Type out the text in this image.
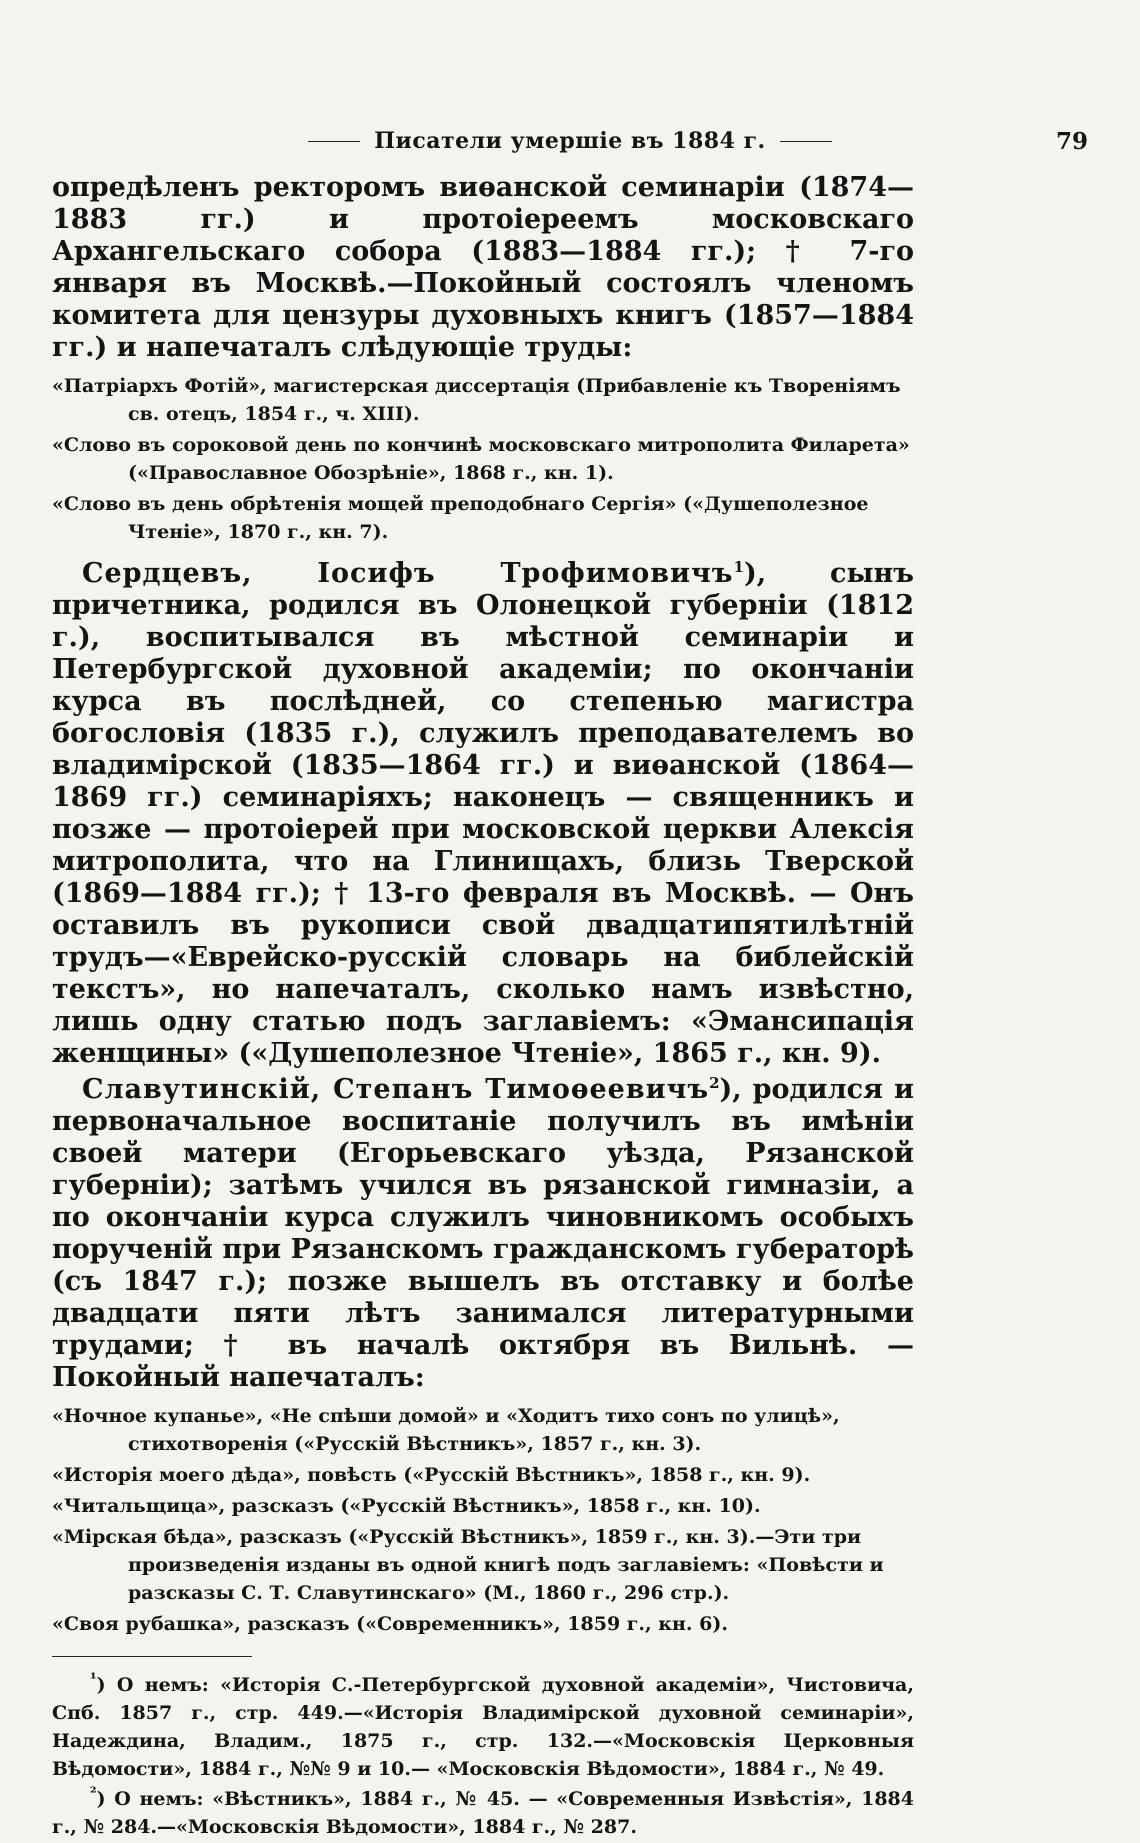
Писатели умершіе въ 1884 г.	79

опредѣленъ ректоромъ виѳанской семинаріи (1874—1883 гг.) и протоіереемъ московскаго Архангельскаго собора (1883—1884 гг.); † 7-го января въ Москвѣ.—Покойный состоялъ членомъ комитета для цензуры духовныхъ книгъ (1857—1884 гг.) и напечаталъ слѣдующіе труды:

«Патріархъ Фотій», магистерская диссертація (Прибавленіе къ Твореніямъ св. отецъ, 1854 г., ч. XIII).

«Слово въ сороковой день по кончинѣ московскаго митрополита Филарета» («Православное Обозрѣніе», 1868 г., кн. 1).

«Слово въ день обрѣтенія мощей преподобнаго Сергія» («Душеполезное Чтеніе», 1870 г., кн. 7).

Сердцевъ, Іосифъ Трофимовичъ$^1$), сынъ причетника, родился въ Олонецкой губерніи (1812 г.), воспитывался въ мѣстной семинаріи и Петербургской духовной академіи; по окончаніи курса въ послѣдней, со степенью магистра богословія (1835 г.), служилъ преподавателемъ во владимірской (1835—1864 гг.) и виѳанской (1864—1869 гг.) семинаріяхъ; наконецъ — священникъ и позже — протоіерей при московской церкви Алексія митрополита, что на Глинищахъ, близь Тверской (1869—1884 гг.); † 13-го февраля въ Москвѣ. — Онъ оставилъ въ рукописи свой двадцатипятилѣтній трудъ—«Еврейско-русскій словарь на библейскій текстъ», но напечаталъ, сколько намъ извѣстно, лишь одну статью подъ заглавіемъ: «Эмансипація женщины» («Душеполезное Чтеніе», 1865 г., кн. 9).

Славутинскій, Степанъ Тимоѳеевичъ$^2$), родился и первоначальное воспитаніе получилъ въ имѣніи своей матери (Егорьевскаго уѣзда, Рязанской губерніи); затѣмъ учился въ рязанской гимназіи, а по окончаніи курса служилъ чиновникомъ особыхъ порученій при Рязанскомъ гражданскомъ губераторѣ (съ 1847 г.); позже вышелъ въ отставку и болѣе двадцати пяти лѣтъ занимался литературными трудами; † въ началѣ октября въ Вильнѣ. — Покойный напечаталъ:

«Ночное купанье», «Не спѣши домой» и «Ходитъ тихо сонъ по улицѣ», стихотворенія («Русскій Вѣстникъ», 1857 г., кн. 3).

«Исторія моего дѣда», повѣсть («Русскій Вѣстникъ», 1858 г., кн. 9).

«Читальщица», разсказъ («Русскій Вѣстникъ», 1858 г., кн. 10).

«Мірская бѣда», разсказъ («Русскій Вѣстникъ», 1859 г., кн. 3).—Эти три произведенія изданы въ одной книгѣ подъ заглавіемъ: «Повѣсти и разсказы С. Т. Славутинскаго» (М., 1860 г., 296 стр.).

«Своя рубашка», разсказъ («Современникъ», 1859 г., кн. 6).

$^{^1}$) О немъ: «Исторія С.-Петербургской духовной академіи», Чистовича, Спб. 1857 г., стр. 449.—«Исторія Владимірской духовной семинаріи», Надеждина, Владим., 1875 г., стр. 132.—«Московскія Церковныя Вѣдомости», 1884 г., №№ 9 и 10.— «Московскія Вѣдомости», 1884 г., № 49.

$^{^2}$) О немъ: «Вѣстникъ», 1884 г., № 45. — «Современныя Извѣстія», 1884 г., № 284.—«Московскія Вѣдомости», 1884 г., № 287.
